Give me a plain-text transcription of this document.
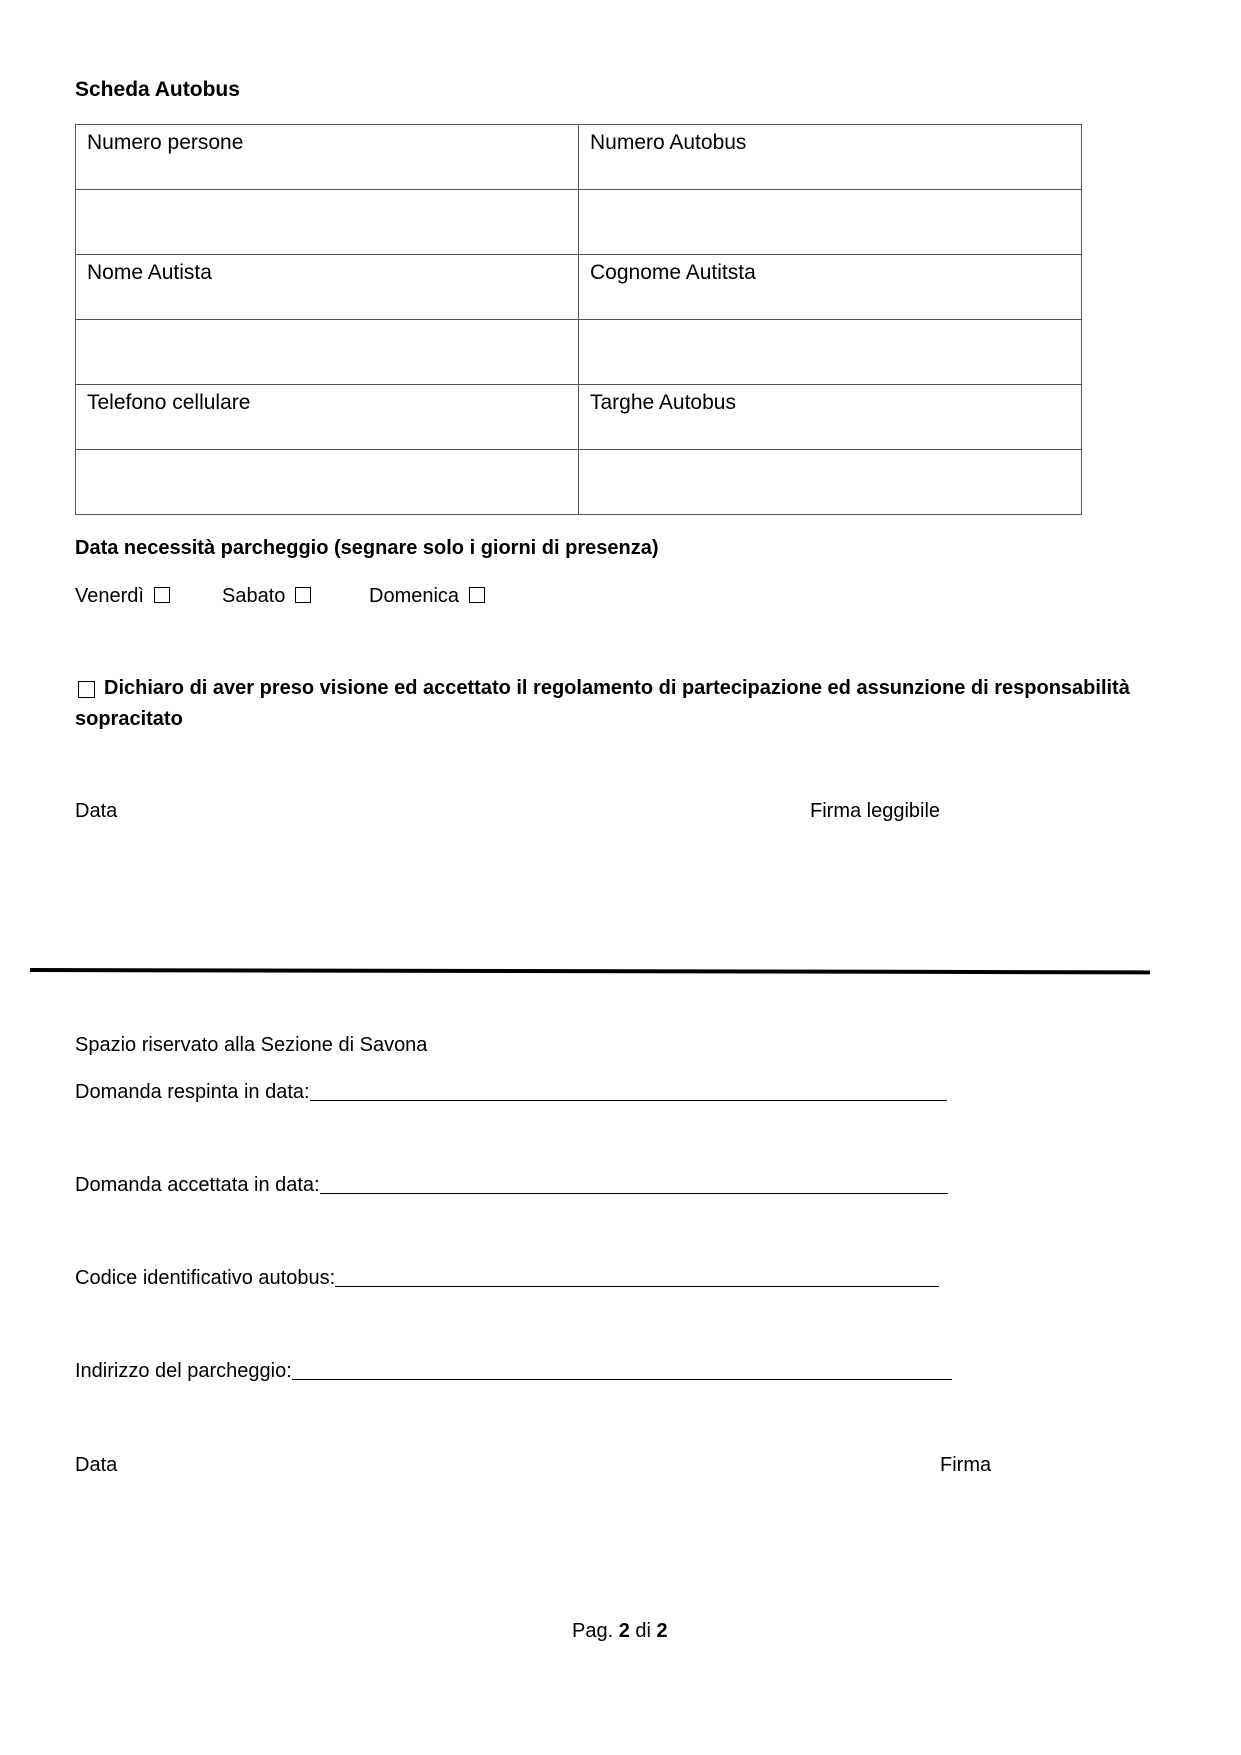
Scheda Autobus
Numero persone	Numero Autobus

Nome Autista	Cognome Autitsta

Telefono cellulare	Targhe Autobus

Data necessità parcheggio (segnare solo i giorni di presenza)
Venerdì	Sabato	Domenica
Dichiaro di aver preso visione ed accettato il regolamento di partecipazione ed assunzione di responsabilità
sopracitato
Data	Firma leggibile
Spazio riservato alla Sezione di Savona
Domanda respinta in data:
Domanda accettata in data:
Codice identificativo autobus:
Indirizzo del parcheggio:
Data	Firma
Pag. 2 di 2
